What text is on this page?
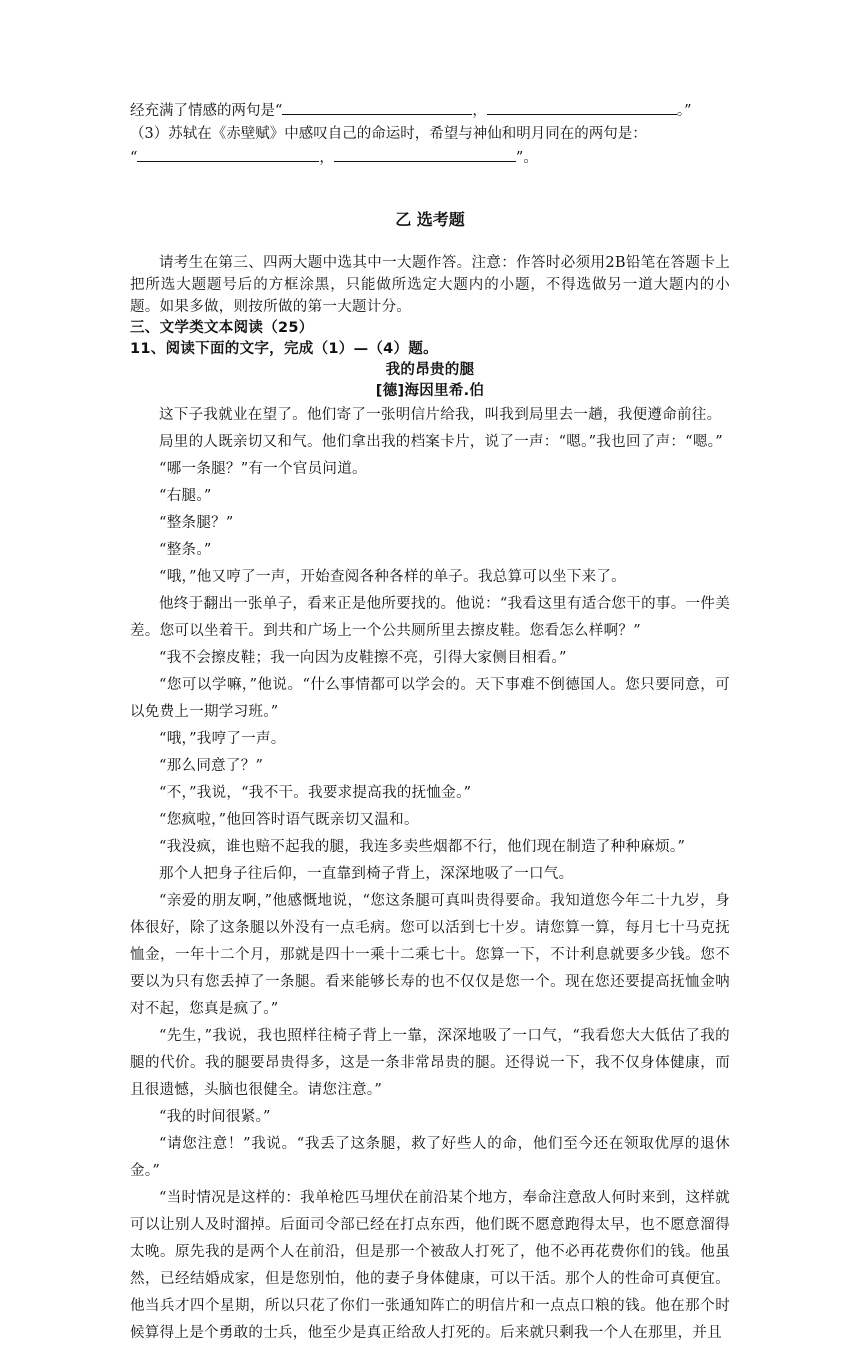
经充满了情感的两句是“	，	。”

（3）苏轼在《赤壁赋》中感叹自己的命运时，希望与神仙和明月同在的两句是：

“	，	”。

乙 选考题

请考生在第三、四两大题中选其中一大题作答。注意：作答时必须用2B铅笔在答题卡上把所选大题题号后的方框涂黑，只能做所选定大题内的小题，不得选做另一道大题内的小题。如果多做，则按所做的第一大题计分。

三、文学类文本阅读（25）

11、阅读下面的文字，完成（1）—（4）题。

我的昂贵的腿

[德]海因里希.伯

这下子我就业在望了。他们寄了一张明信片给我，叫我到局里去一趟，我便遵命前往。

局里的人既亲切又和气。他们拿出我的档案卡片，说了一声：“嗯。”我也回了声：“嗯。”

“哪一条腿？”有一个官员问道。

“右腿。”

“整条腿？”

“整条。”

“哦，”他又哼了一声，开始查阅各种各样的单子。我总算可以坐下来了。

他终于翻出一张单子，看来正是他所要找的。他说：“我看这里有适合您干的事。一件美差。您可以坐着干。到共和广场上一个公共厕所里去擦皮鞋。您看怎么样啊？”

“我不会擦皮鞋；我一向因为皮鞋擦不亮，引得大家侧目相看。”

“您可以学嘛，”他说。“什么事情都可以学会的。天下事难不倒德国人。您只要同意，可以免费上一期学习班。”

“哦，”我哼了一声。

“那么同意了？”

“不，”我说，“我不干。我要求提高我的抚恤金。”

“您疯啦，”他回答时语气既亲切又温和。

“我没疯，谁也赔不起我的腿，我连多卖些烟都不行，他们现在制造了种种麻烦。”

那个人把身子往后仰，一直靠到椅子背上，深深地吸了一口气。

“亲爱的朋友啊，”他感慨地说，“您这条腿可真叫贵得要命。我知道您今年二十九岁，身体很好，除了这条腿以外没有一点毛病。您可以活到七十岁。请您算一算，每月七十马克抚恤金，一年十二个月，那就是四十一乘十二乘七十。您算一下，不计利息就要多少钱。您不要以为只有您丢掉了一条腿。看来能够长寿的也不仅仅是您一个。现在您还要提高抚恤金呐对不起，您真是疯了。”

“先生，”我说，我也照样往椅子背上一靠，深深地吸了一口气，“我看您大大低估了我的腿的代价。我的腿要昂贵得多，这是一条非常昂贵的腿。还得说一下，我不仅身体健康，而且很遗憾，头脑也很健全。请您注意。”

“我的时间很紧。”

“请您注意！”我说。“我丢了这条腿，救了好些人的命，他们至今还在领取优厚的退休金。”

“当时情况是这样的：我单枪匹马埋伏在前沿某个地方，奉命注意敌人何时来到，这样就可以让别人及时溜掉。后面司令部已经在打点东西，他们既不愿意跑得太早，也不愿意溜得太晚。原先我的是两个人在前沿，但是那一个被敌人打死了，他不必再花费你们的钱。他虽然，已经结婚成家，但是您别怕，他的妻子身体健康，可以干活。那个人的性命可真便宜。他当兵才四个星期，所以只花了你们一张通知阵亡的明信片和一点点口粮的钱。他在那个时候算得上是个勇敢的士兵，他至少是真正给敌人打死的。后来就只剩我一个人在那里，并且
